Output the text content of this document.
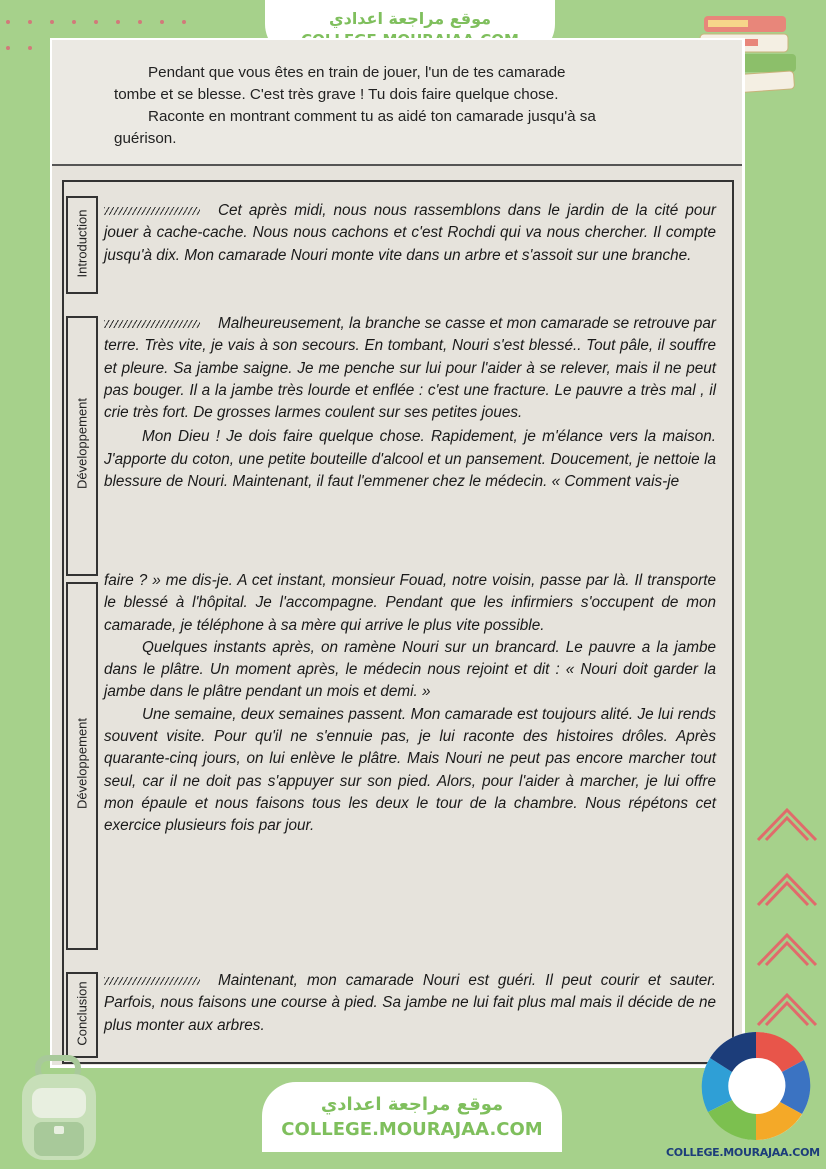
موقع مراجعة اعدادي
Pendant que vous êtes en train de jouer, l'un de tes camarade
tombe et se blesse. C'est très grave ! Tu dois faire quelque chose.
Raconte en montrant comment tu as aidé ton camarade jusqu'à sa
guérison.
Introduction
Développement
Développement
Conclusion

Cet après midi, nous nous rassemblons dans le jardin de la cité pour jouer à cache-cache. Nous nous cachons et c'est Rochdi qui va nous chercher. Il compte jusqu'à dix. Mon camarade Nouri monte vite dans un arbre et s'assoit sur une branche.

Malheureusement, la branche se casse et mon camarade se retrouve par terre. Très vite, je vais à son secours. En tombant, Nouri s'est blessé.. Tout pâle, il souffre et pleure. Sa jambe saigne. Je me penche sur lui pour l'aider à se relever, mais il ne peut pas bouger. Il a la jambe très lourde et enflée : c'est une fracture. Le pauvre a très mal , il crie très fort. De grosses larmes coulent sur ses petites joues.

Mon Dieu ! Je dois faire quelque chose. Rapidement, je m'élance vers la maison. J'apporte du coton, une petite bouteille d'alcool et un pansement. Doucement, je nettoie la blessure de Nouri. Maintenant, il faut l'emmener chez le médecin. « Comment vais-je

faire ? » me dis-je. A cet instant, monsieur Fouad, notre voisin, passe par là. Il transporte le blessé à l'hôpital. Je l'accompagne. Pendant que les infirmiers s'occupent de mon camarade, je téléphone à sa mère qui arrive le plus vite possible.

Quelques instants après, on ramène Nouri sur un brancard. Le pauvre a la jambe dans le plâtre. Un moment après, le médecin nous rejoint et dit : « Nouri doit garder la jambe dans le plâtre pendant un mois et demi. »

Une semaine, deux semaines passent. Mon camarade est toujours alité. Je lui rends souvent visite. Pour qu'il ne s'ennuie pas, je lui raconte des histoires drôles. Après quarante-cinq jours, on lui enlève le plâtre. Mais Nouri ne peut pas encore marcher tout seul, car il ne doit pas s'appuyer sur son pied. Alors, pour l'aider à marcher, je lui offre mon épaule et nous faisons tous les deux le tour de la chambre. Nous répétons cet exercice plusieurs fois par jour.

Maintenant, mon camarade Nouri est guéri. Il peut courir et sauter. Parfois, nous faisons une course à pied. Sa jambe ne lui fait plus mal mais il décide de ne plus monter aux arbres.

موقع مراجعة اعدادي
COLLEGE.MOURAJAA.COM
COLLEGE.MOURAJAA.COM
